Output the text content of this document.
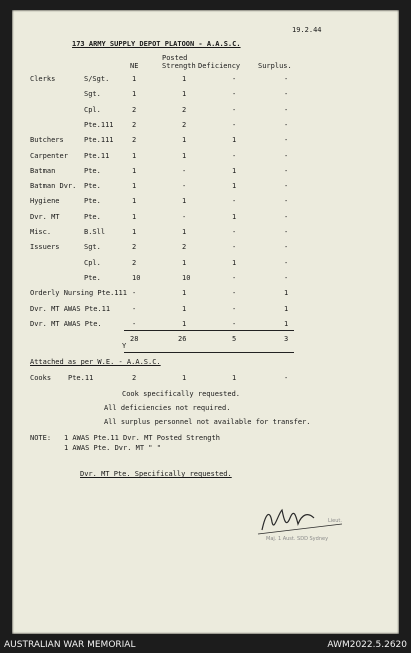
19.2.44
173 ARMY SUPPLY DEPOT PLATOON - A.A.S.C.
Posted
NE	Strength Deficiency	Surplus.
Clerks	S/Sgt.	1	1	-	-
Sgt.	1	1	-	-
Cpl.	2	2	-	-
Pte.111	2	2	-	-
Butchers	Pte.111	2	1	1	-
Carpenter Pte.11	1	1	-	-
Batman	Pte.	1	-	1	-
Batman Dvr. Pte.	1	-	1	-
Hygiene	Pte.	1	1	-	-
Dvr. MT	Pte.	1	-	1	-
Misc.	B.Sll	1	1	-	-
Issuers	Sgt.	2	2	-	-
Cpl.	2	1	1	-
Pte.	10	10	-	-
Orderly Nursing Pte.111 -	1	-	1
Dvr. MT AWAS Pte.11	-	1	-	1
Dvr. MT AWAS Pte.	-	1	-	1
28	26	5	3
Y
Attached as per W.E. - A.A.S.C.
Cooks Pte.11	2	1	1	-
Cook specifically requested.
All deficiencies not required.
All surplus personnel not available for transfer.
NOTE: 1 AWAS Pte.11 Dvr. MT Posted Strength
1 AWAS Pte. Dvr. MT " "
Dvr. MT Pte. Specifically requested.
Lieut.
Maj. 1 Aust. SDD Sydney
AUSTRALIAN WAR MEMORIAL	AWM2022.5.2620
